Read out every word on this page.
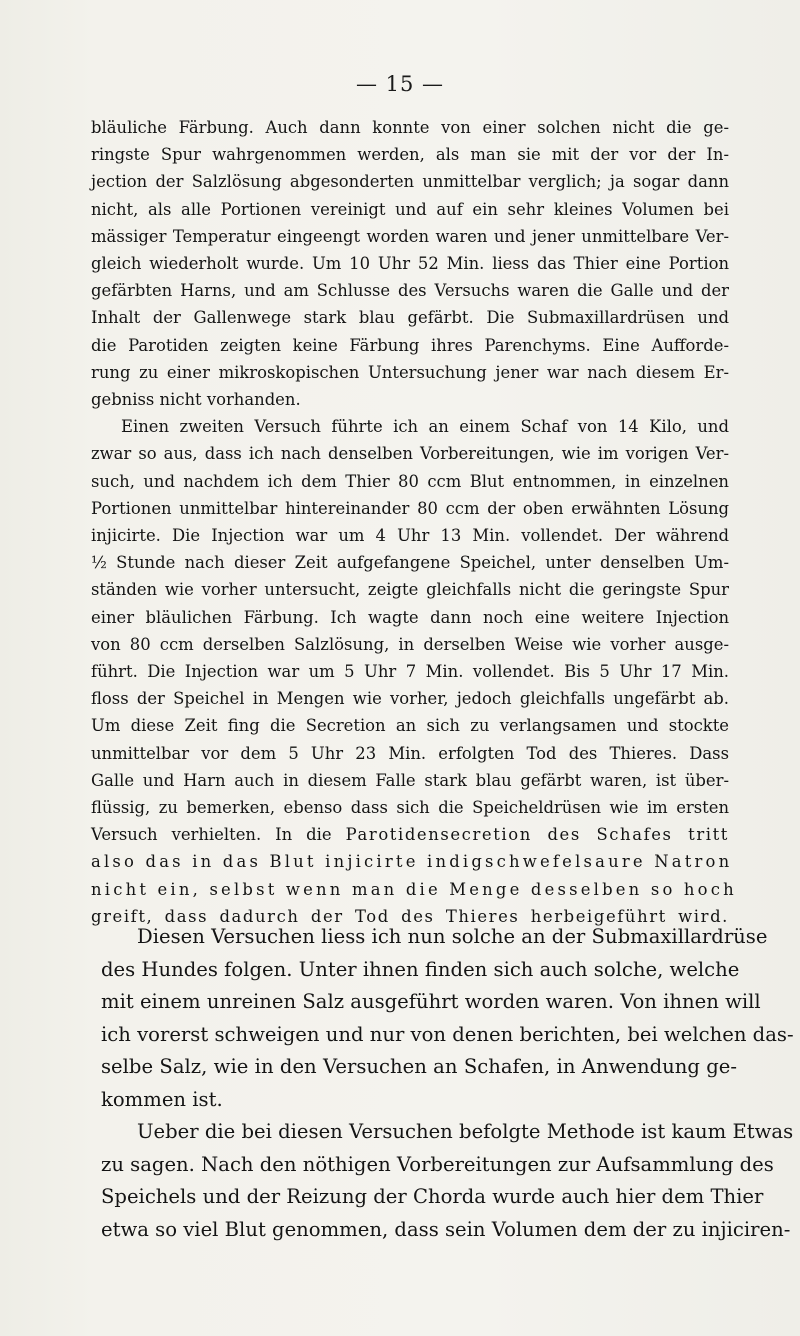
— 15 —
bläuliche Färbung. Auch dann konnte von einer solchen nicht die ge-
ringste Spur wahrgenommen werden, als man sie mit der vor der In-
jection der Salzlösung abgesonderten unmittelbar verglich; ja sogar dann
nicht, als alle Portionen vereinigt und auf ein sehr kleines Volumen bei
mässiger Temperatur eingeengt worden waren und jener unmittelbare Ver-
gleich wiederholt wurde. Um 10 Uhr 52 Min. liess das Thier eine Portion
gefärbten Harns, und am Schlusse des Versuchs waren die Galle und der
Inhalt der Gallenwege stark blau gefärbt. Die Submaxillardrüsen und
die Parotiden zeigten keine Färbung ihres Parenchyms. Eine Aufforde-
rung zu einer mikroskopischen Untersuchung jener war nach diesem Er-
gebniss nicht vorhanden.
Einen zweiten Versuch führte ich an einem Schaf von 14 Kilo, und
zwar so aus, dass ich nach denselben Vorbereitungen, wie im vorigen Ver-
such, und nachdem ich dem Thier 80 ccm Blut entnommen, in einzelnen
Portionen unmittelbar hintereinander 80 ccm der oben erwähnten Lösung
injicirte. Die Injection war um 4 Uhr 13 Min. vollendet. Der während
½ Stunde nach dieser Zeit aufgefangene Speichel, unter denselben Um-
ständen wie vorher untersucht, zeigte gleichfalls nicht die geringste Spur
einer bläulichen Färbung. Ich wagte dann noch eine weitere Injection
von 80 ccm derselben Salzlösung, in derselben Weise wie vorher ausge-
führt. Die Injection war um 5 Uhr 7 Min. vollendet. Bis 5 Uhr 17 Min.
floss der Speichel in Mengen wie vorher, jedoch gleichfalls ungefärbt ab.
Um diese Zeit fing die Secretion an sich zu verlangsamen und stockte
unmittelbar vor dem 5 Uhr 23 Min. erfolgten Tod des Thieres. Dass
Galle und Harn auch in diesem Falle stark blau gefärbt waren, ist über-
flüssig, zu bemerken, ebenso dass sich die Speicheldrüsen wie im ersten
Versuch verhielten. In die Parotidensecretion des Schafes tritt
also das in das Blut injicirte indigschwefelsaure Natron
nicht ein, selbst wenn man die Menge desselben so hoch
greift, dass dadurch der Tod des Thieres herbeigeführt wird.
Diesen Versuchen liess ich nun solche an der Submaxillardrüse
des Hundes folgen. Unter ihnen finden sich auch solche, welche
mit einem unreinen Salz ausgeführt worden waren. Von ihnen will
ich vorerst schweigen und nur von denen berichten, bei welchen das-
selbe Salz, wie in den Versuchen an Schafen, in Anwendung ge-
kommen ist.
Ueber die bei diesen Versuchen befolgte Methode ist kaum Etwas
zu sagen. Nach den nöthigen Vorbereitungen zur Aufsammlung des
Speichels und der Reizung der Chorda wurde auch hier dem Thier
etwa so viel Blut genommen, dass sein Volumen dem der zu injiciren-
